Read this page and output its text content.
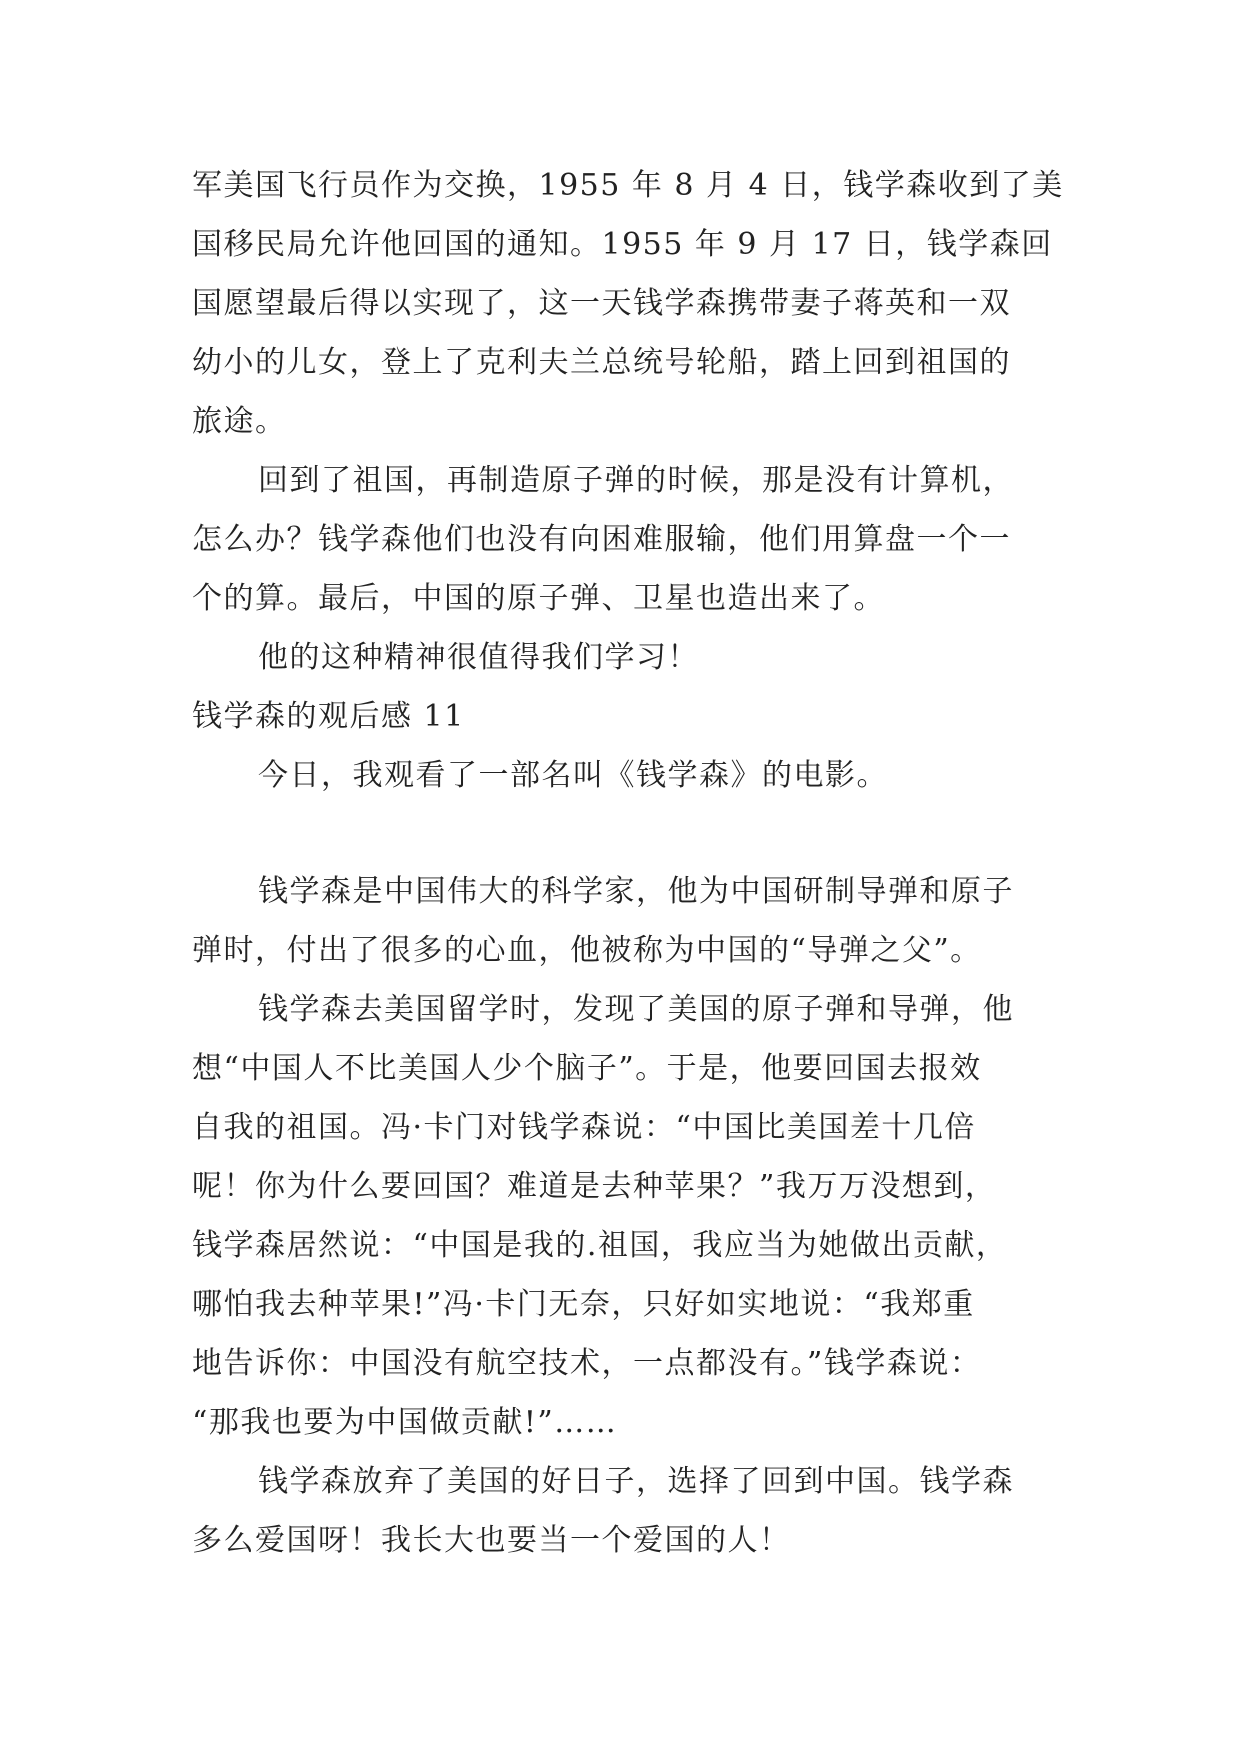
军美国飞行员作为交换，1955 年 8 月 4 日，钱学森收到了美
国移民局允许他回国的通知。1955 年 9 月 17 日，钱学森回
国愿望最后得以实现了，这一天钱学森携带妻子蒋英和一双
幼小的儿女，登上了克利夫兰总统号轮船，踏上回到祖国的
旅途。
回到了祖国，再制造原子弹的时候，那是没有计算机，
怎么办？钱学森他们也没有向困难服输，他们用算盘一个一
个的算。最后，中国的原子弹、卫星也造出来了。
他的这种精神很值得我们学习！
钱学森的观后感 11
今日，我观看了一部名叫《钱学森》的电影。
钱学森是中国伟大的科学家，他为中国研制导弹和原子
弹时，付出了很多的心血，他被称为中国的“导弹之父”。
钱学森去美国留学时，发现了美国的原子弹和导弹，他
想“中国人不比美国人少个脑子”。于是，他要回国去报效
自我的祖国。冯·卡门对钱学森说：“中国比美国差十几倍
呢！你为什么要回国？难道是去种苹果？”我万万没想到，
钱学森居然说：“中国是我的.祖国，我应当为她做出贡献，
哪怕我去种苹果!”冯·卡门无奈，只好如实地说：“我郑重
地告诉你：中国没有航空技术，一点都没有。”钱学森说：
“那我也要为中国做贡献!”……
钱学森放弃了美国的好日子，选择了回到中国。钱学森
多么爱国呀！我长大也要当一个爱国的人！
